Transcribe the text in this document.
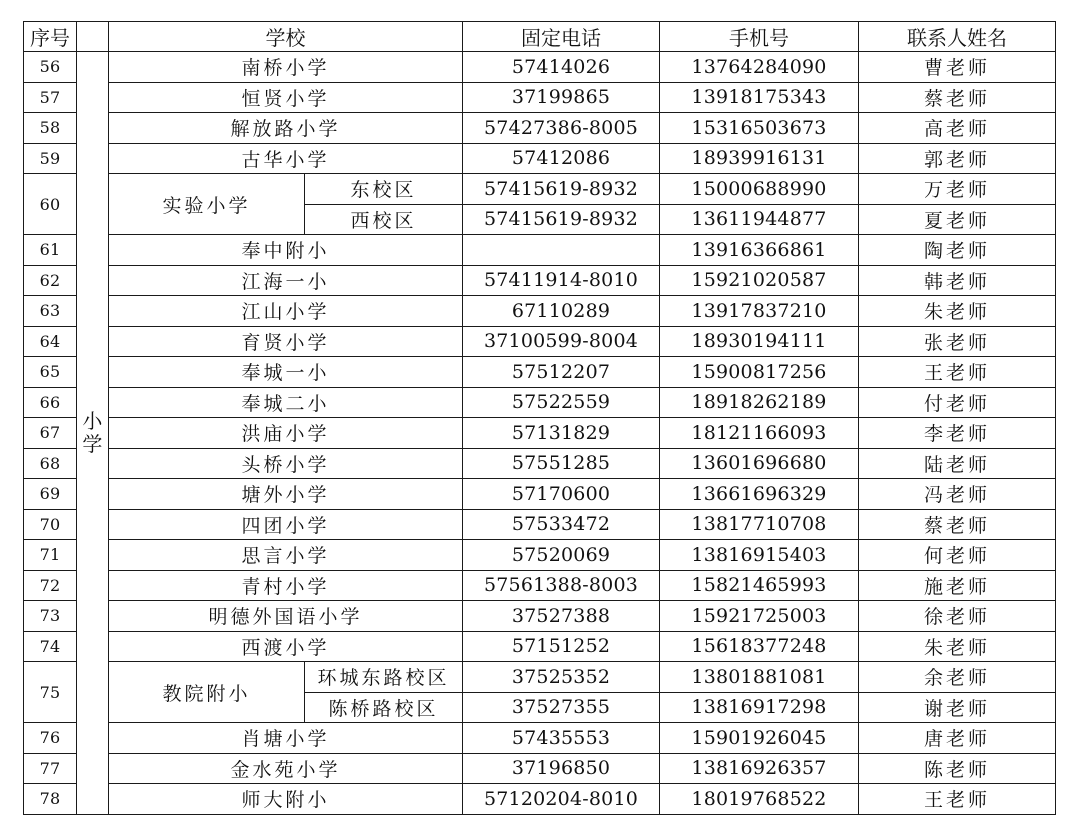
序号		学校		固定电话	手机号	联系人姓名
56	小学	南桥小学		57414026	13764284090	曹老师
57		恒贤小学		37199865	13918175343	蔡老师
58		解放路小学		57427386-8005	15316503673	高老师
59		古华小学		57412086	18939916131	郭老师
60		实验小学	东校区	57415619-8932	15000688990	万老师
			西校区	57415619-8932	13611944877	夏老师
61		奉中附小			13916366861	陶老师
62		江海一小		57411914-8010	15921020587	韩老师
63		江山小学		67110289	13917837210	朱老师
64		育贤小学		37100599-8004	18930194111	张老师
65		奉城一小		57512207	15900817256	王老师
66		奉城二小		57522559	18918262189	付老师
67		洪庙小学		57131829	18121166093	李老师
68		头桥小学		57551285	13601696680	陆老师
69		塘外小学		57170600	13661696329	冯老师
70		四团小学		57533472	13817710708	蔡老师
71		思言小学		57520069	13816915403	何老师
72		青村小学		57561388-8003	15821465993	施老师
73		明德外国语小学		37527388	15921725003	徐老师
74		西渡小学		57151252	15618377248	朱老师
75		教院附小	环城东路校区	37525352	13801881081	余老师
			陈桥路校区	37527355	13816917298	谢老师
76		肖塘小学		57435553	15901926045	唐老师
77		金水苑小学		37196850	13816926357	陈老师
78		师大附小		57120204-8010	18019768522	王老师
